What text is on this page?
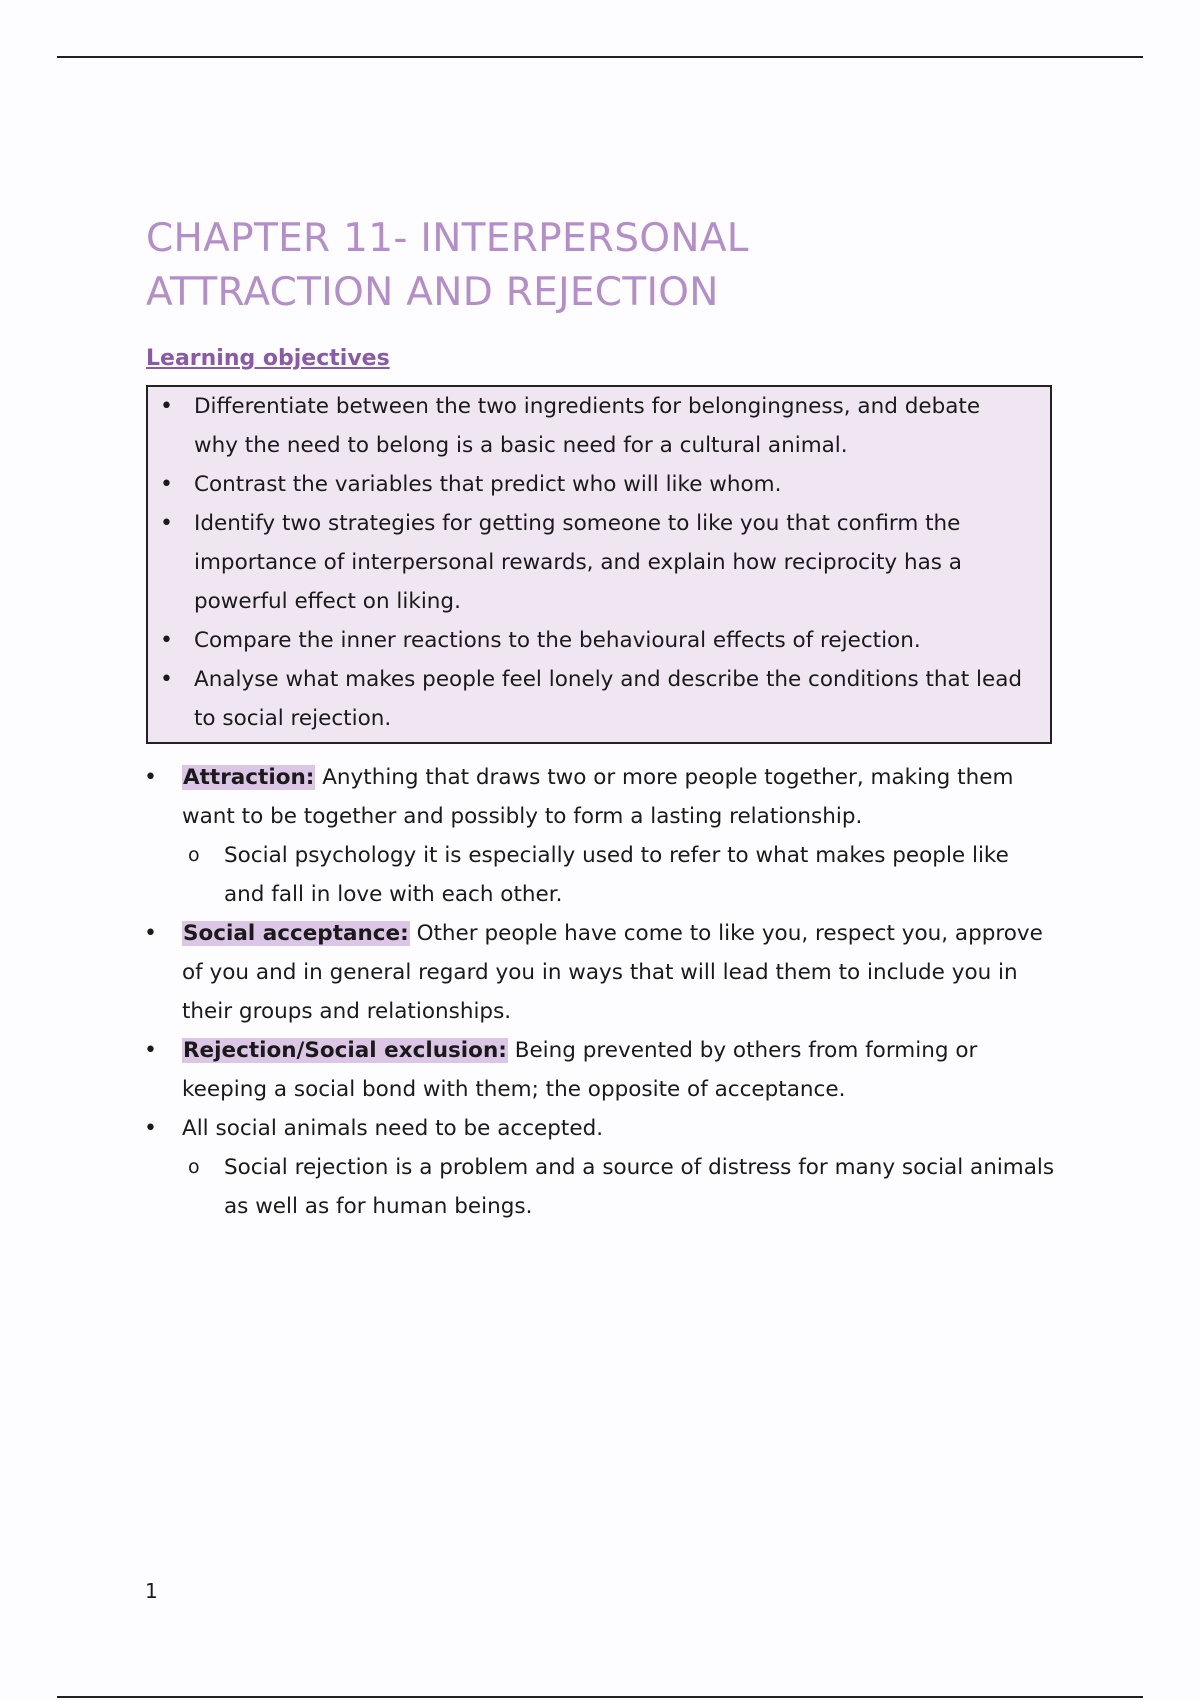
CHAPTER 11- INTERPERSONAL
ATTRACTION AND REJECTION
Learning objectives
• Differentiate between the two ingredients for belongingness, and debate why the need to belong is a basic need for a cultural animal.
• Contrast the variables that predict who will like whom.
• Identify two strategies for getting someone to like you that confirm the importance of interpersonal rewards, and explain how reciprocity has a powerful effect on liking.
• Compare the inner reactions to the behavioural effects of rejection.
• Analyse what makes people feel lonely and describe the conditions that lead to social rejection.
• Attraction: Anything that draws two or more people together, making them want to be together and possibly to form a lasting relationship.
o Social psychology it is especially used to refer to what makes people like and fall in love with each other.
• Social acceptance: Other people have come to like you, respect you, approve of you and in general regard you in ways that will lead them to include you in their groups and relationships.
• Rejection/Social exclusion: Being prevented by others from forming or keeping a social bond with them; the opposite of acceptance.
• All social animals need to be accepted.
o Social rejection is a problem and a source of distress for many social animals as well as for human beings.
1
